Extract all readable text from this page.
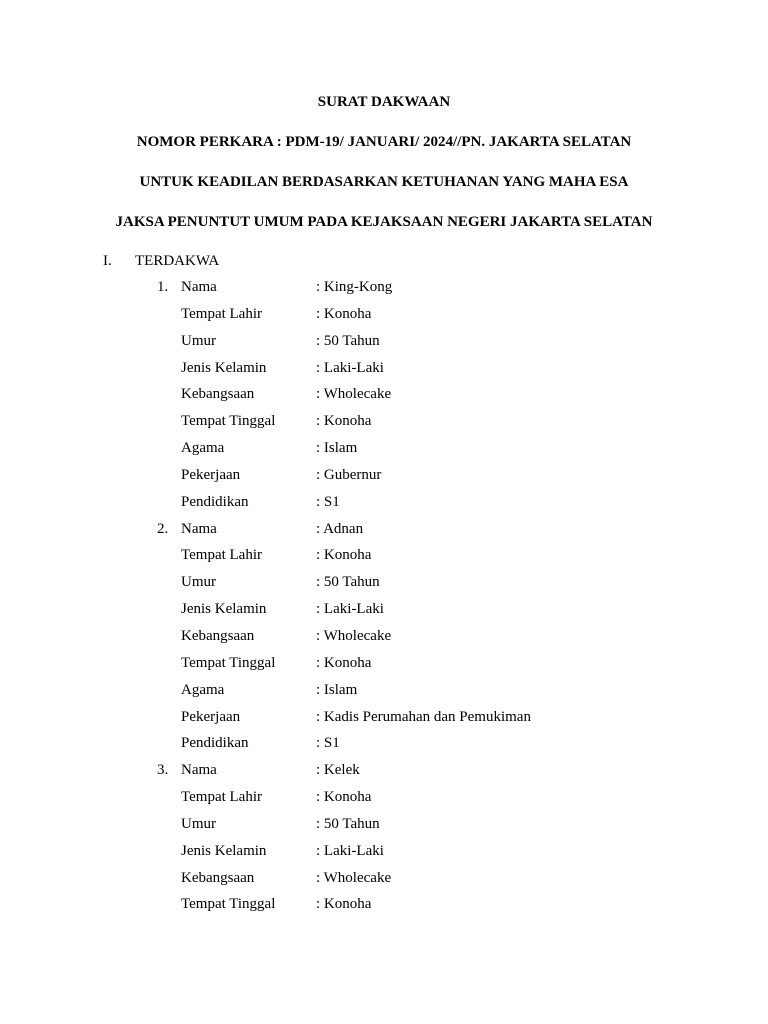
SURAT DAKWAAN
NOMOR PERKARA : PDM-19/ JANUARI/ 2024//PN. JAKARTA SELATAN
UNTUK KEADILAN BERDASARKAN KETUHANAN YANG MAHA ESA
JAKSA PENUNTUT UMUM PADA KEJAKSAAN NEGERI JAKARTA SELATAN
I. TERDAKWA
1. Nama	: King-Kong
Tempat Lahir	: Konoha
Umur	: 50 Tahun
Jenis Kelamin	: Laki-Laki
Kebangsaan	: Wholecake
Tempat Tinggal	: Konoha
Agama	: Islam
Pekerjaan	: Gubernur
Pendidikan	: S1
2. Nama	: Adnan
Tempat Lahir	: Konoha
Umur	: 50 Tahun
Jenis Kelamin	: Laki-Laki
Kebangsaan	: Wholecake
Tempat Tinggal	: Konoha
Agama	: Islam
Pekerjaan	: Kadis Perumahan dan Pemukiman
Pendidikan	: S1
3. Nama	: Kelek
Tempat Lahir	: Konoha
Umur	: 50 Tahun
Jenis Kelamin	: Laki-Laki
Kebangsaan	: Wholecake
Tempat Tinggal	: Konoha
